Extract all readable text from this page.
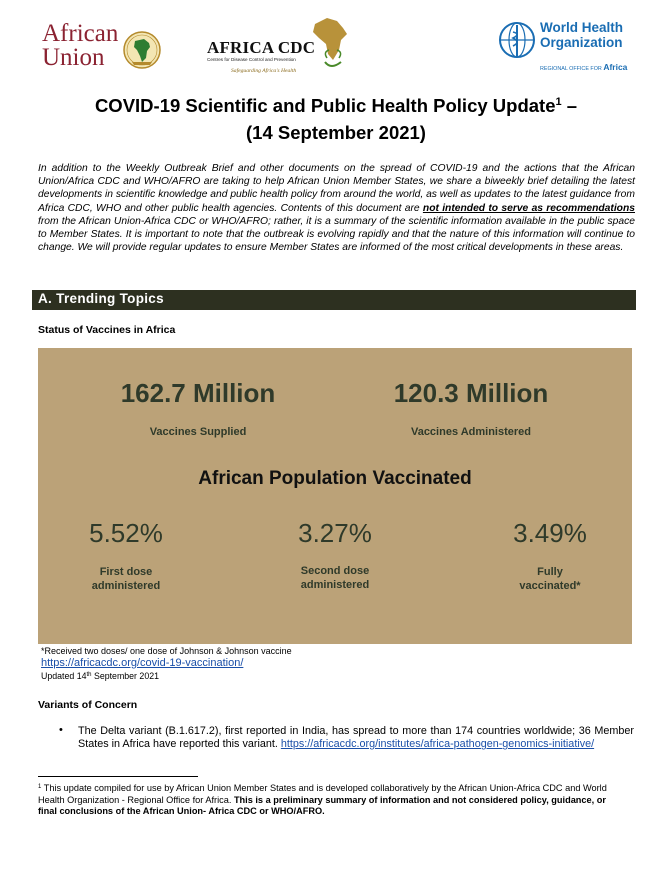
African
Union	AFRICA CDC
Centres for Disease Control and Prevention
Safeguarding Africa's Health
World Health
Organization
REGIONAL OFFICE FOR Africa
COVID-19 Scientific and Public Health Policy Update$^1$ –
(14 September 2021)

In addition to the Weekly Outbreak Brief and other documents on the spread of COVID-19 and the actions that the African Union/Africa CDC and WHO/AFRO are taking to help African Union Member States, we share a biweekly brief detailing the latest developments in scientific knowledge and public health policy from around the world, as well as updates to the latest guidance from Africa CDC, WHO and other public health agencies. Contents of this document are not intended to serve as recommendations from the African Union-Africa CDC or WHO/AFRO; rather, it is a summary of the scientific information available in the public space to Member States. It is important to note that the outbreak is evolving rapidly and that the nature of this information will continue to change. We will provide regular updates to ensure Member States are informed of the most critical developments in these areas.

A. Trending Topics
Status of Vaccines in Africa
162.7 Million
Vaccines Supplied
120.3 Million
Vaccines Administered
African Population Vaccinated
5.52%
First dose
administered
3.27%
Second dose
administered
3.49%
Fully
vaccinated*
*Received two doses/ one dose of Johnson & Johnson vaccine
https://africacdc.org/covid-19-vaccination/
Updated 14th September 2021
Variants of Concern
•	The Delta variant (B.1.617.2), first reported in India, has spread to more than 174 countries worldwide; 36 Member States in Africa have reported this variant. https://africacdc.org/institutes/africa-pathogen-genomics-initiative/

$^1$ This update compiled for use by African Union Member States and is developed collaboratively by the African Union-Africa CDC and World Health Organization - Regional Office for Africa. This is a preliminary summary of information and not considered policy, guidance, or final conclusions of the African Union- Africa CDC or WHO/AFRO.
